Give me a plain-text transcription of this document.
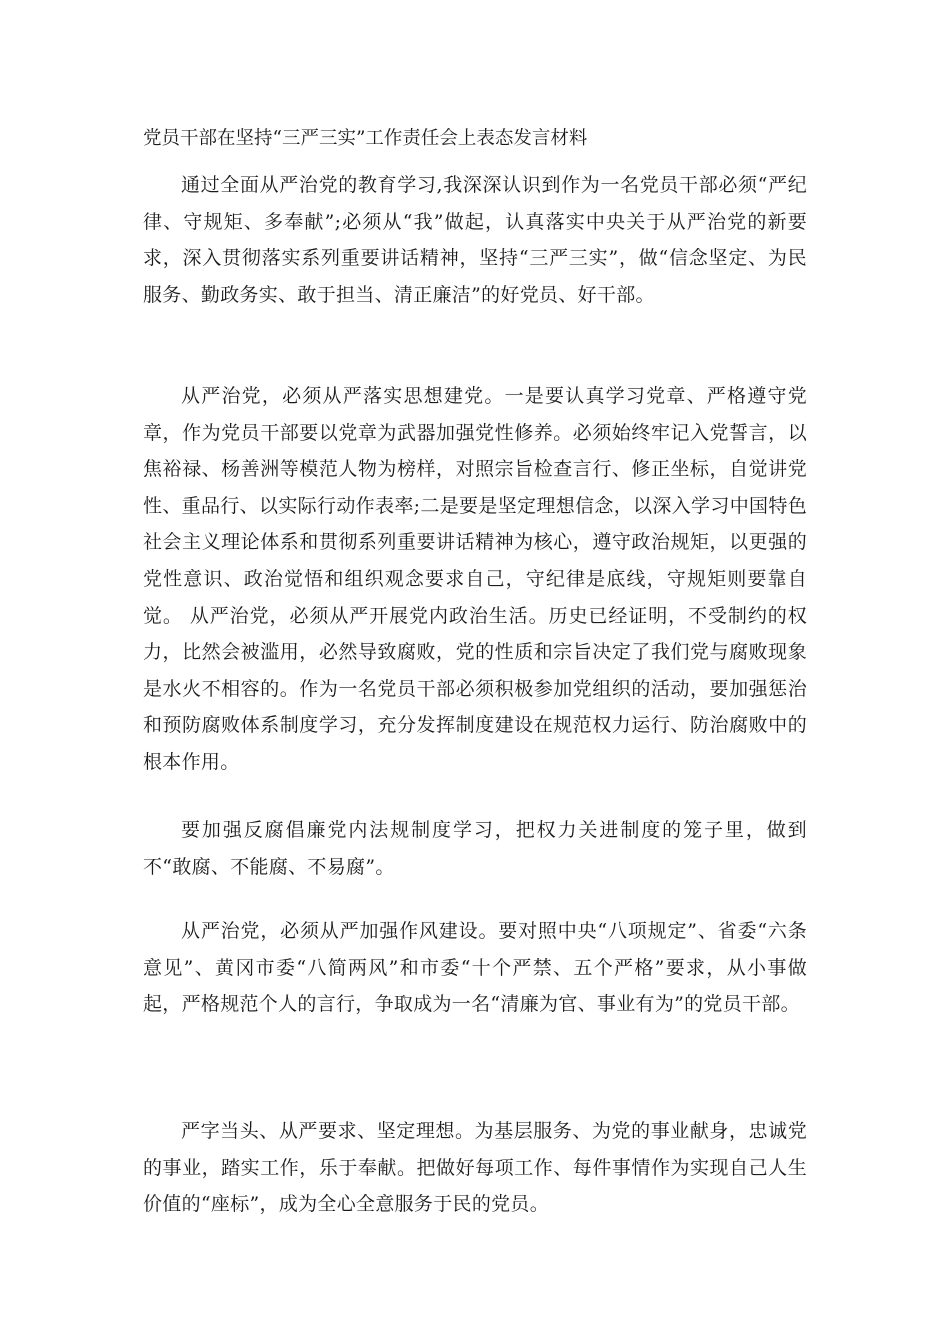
党员干部在坚持“三严三实”工作责任会上表态发言材料

通过全面从严治党的教育学习,我深深认识到作为一名党员干部必须“严纪律、守规矩、多奉献”;必须从“我”做起，认真落实中央关于从严治党的新要求，深入贯彻落实系列重要讲话精神，坚持“三严三实”，做“信念坚定、为民服务、勤政务实、敢于担当、清正廉洁”的好党员、好干部。

从严治党，必须从严落实思想建党。一是要认真学习党章、严格遵守党章，作为党员干部要以党章为武器加强党性修养。必须始终牢记入党誓言，以焦裕禄、杨善洲等模范人物为榜样，对照宗旨检查言行、修正坐标，自觉讲党性、重品行、以实际行动作表率;二是要是坚定理想信念，以深入学习中国特色社会主义理论体系和贯彻系列重要讲话精神为核心，遵守政治规矩，以更强的党性意识、政治觉悟和组织观念要求自己，守纪律是底线，守规矩则要靠自觉。 从严治党，必须从严开展党内政治生活。历史已经证明，不受制约的权力，比然会被滥用，必然导致腐败，党的性质和宗旨决定了我们党与腐败现象是水火不相容的。作为一名党员干部必须积极参加党组织的活动，要加强惩治和预防腐败体系制度学习，充分发挥制度建设在规范权力运行、防治腐败中的根本作用。

要加强反腐倡廉党内法规制度学习，把权力关进制度的笼子里，做到不“敢腐、不能腐、不易腐”。

从严治党，必须从严加强作风建设。要对照中央“八项规定”、省委“六条意见”、黄冈市委“八简两风”和市委“十个严禁、五个严格”要求，从小事做起，严格规范个人的言行，争取成为一名“清廉为官、事业有为”的党员干部。

严字当头、从严要求、坚定理想。为基层服务、为党的事业献身，忠诚党的事业，踏实工作，乐于奉献。把做好每项工作、每件事情作为实现自己人生价值的“座标”，成为全心全意服务于民的党员。
